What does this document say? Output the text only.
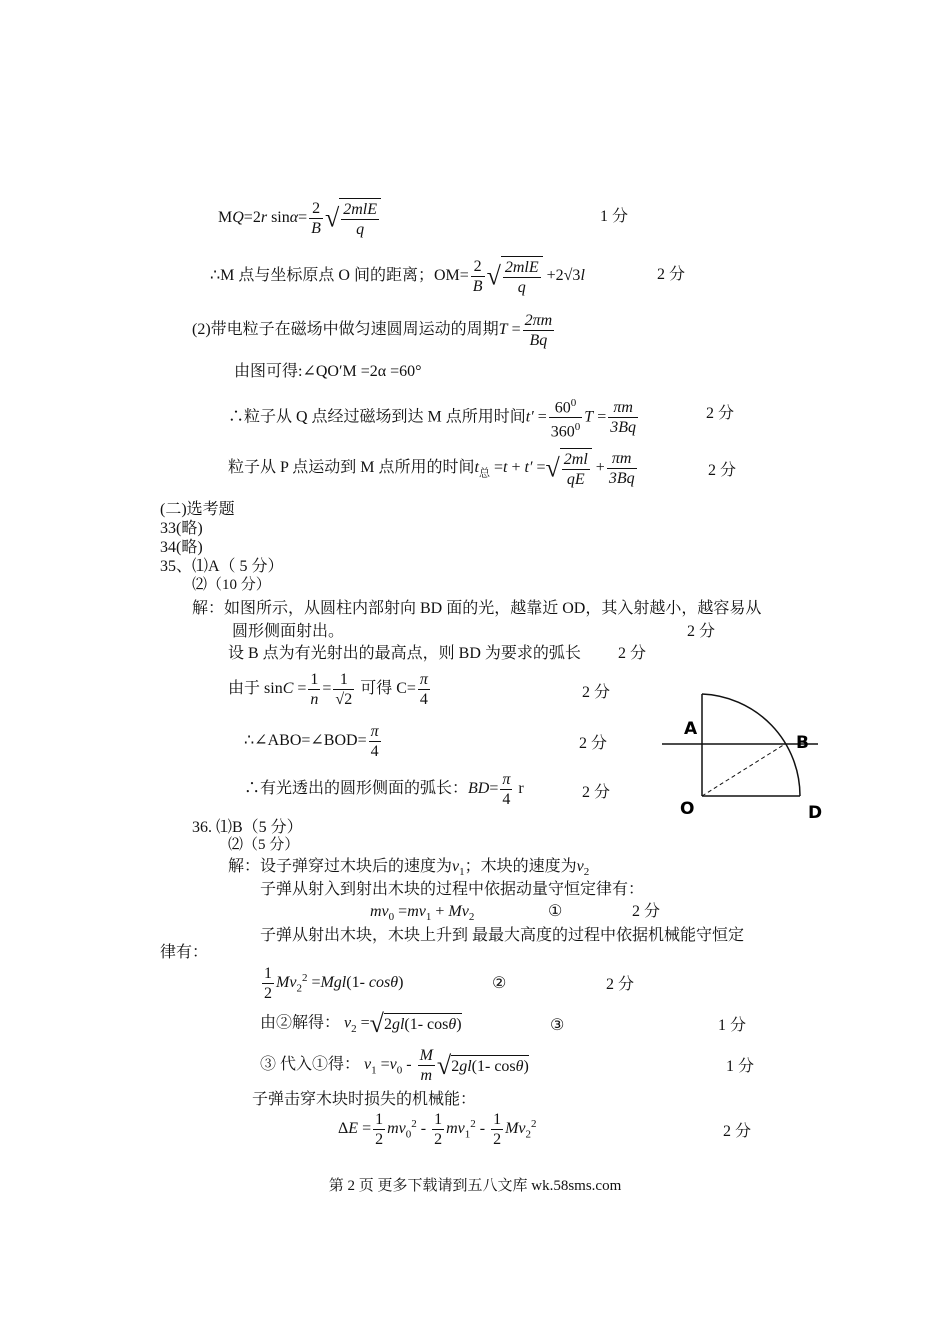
MQ=2r $\sin\alpha= \frac{2}{B}$ √ $\frac{\text{2mlE}}{q}$	1 分
∴M 点与坐标原点 O 间的距离；$OM= \frac{2}{B}$ √ $\frac{\text{2mlE}}{q} +2√3l$	2 分
(2)带电粒子在磁场中做匀速圆周运动的周期$T = \frac{2\pi m}{Bq}$
由图可得:∠QO′M =2α =60°
∴粒子从 Q 点经过磁场到达 M 点所用时间$t' = \frac{60^0}{360^0}$ $T = \frac{\pi m}{3Bq}$	2 分
粒子从 P 点运动到 M 点所用的时间$t_总 =t + t'$ =√ $\frac{2ml}{qE} + \frac{\pi m}{3Bq}$	2 分
(二)选考题
33(略)
34(略)
35、⑴A（ 5 分）
⑵（10 分）
解：如图所示，从圆柱内部射向 BD 面的光，越靠近 OD，其入射越小，越容易从
圆形侧面射出。	2 分
设 B 点为有光射出的最高点，则 BD 为要求的弧长 2 分
由于 $\sin C = \frac{1}{n} = \frac{1}{√2}$ 可得 $C= \frac{\pi}{4}$	2 分
∴∠ABO=∠BOD= $\frac{\pi}{4}$	2 分
∴有光透出的圆形侧面的弧长：$BD= \frac{\pi}{4}$ r	2 分
A
B
O	D
36. ⑴B（5 分）
⑵（5 分）
解：设子弹穿过木块后的速度为$v_1$；木块的速度为$v_2$
子弹从射入到射出木块的过程中依据动量守恒定律有：
$mv_0 =mv_1 + Mv_2$	①	2 分
子弹从射出木块，木块上升到 最最大高度的过程中依据机械能守恒定
律有：
$\frac{1}{2} Mv_2^2 =Mgl(1-$ cosθ)	②	2 分
由②解得： $v_2 =√2gl(1-$ cosθ)	③	1 分
③ 代入①得： $v_1 =v_0 - \frac{M}{m} √2gl(1-$ cosθ)	1 分
子弹击穿木块时损失的机械能：
$\Delta E = \frac{1}{2} mv_0^2 - \frac{1}{2} mv_1^2 - \frac{1}{2} Mv_2^2$	2 分
第 2 页 更多下载请到五八文库 wk.58sms.com
